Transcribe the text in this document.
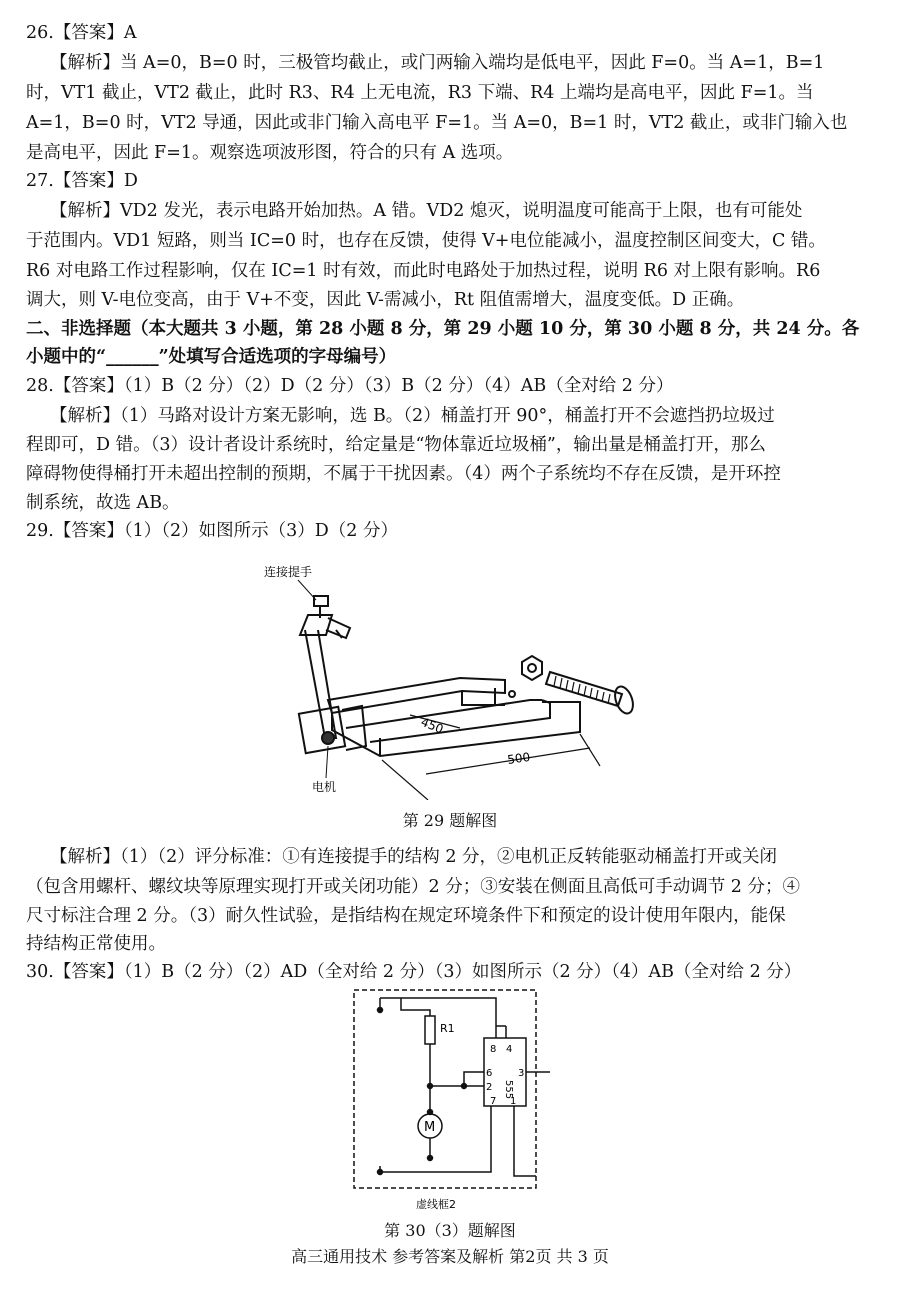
26.【答案】A
【解析】当 A=0，B=0 时，三极管均截止，或门两输入端均是低电平，因此 F=0。当 A=1，B=1
时，VT1 截止，VT2 截止，此时 R3、R4 上无电流，R3 下端、R4 上端均是高电平，因此 F=1。当
A=1，B=0 时，VT2 导通，因此或非门输入高电平 F=1。当 A=0，B=1 时，VT2 截止，或非门输入也
是高电平，因此 F=1。观察选项波形图，符合的只有 A 选项。
27.【答案】D
【解析】VD2 发光，表示电路开始加热。A 错。VD2 熄灭，说明温度可能高于上限，也有可能处
于范围内。VD1 短路，则当 IC=0 时，也存在反馈，使得 V+电位能减小，温度控制区间变大，C 错。
R6 对电路工作过程影响，仅在 IC=1 时有效，而此时电路处于加热过程，说明 R6 对上限有影响。R6
调大，则 V-电位变高，由于 V+不变，因此 V-需减小，Rt 阻值需增大，温度变低。D 正确。
二、非选择题（本大题共 3 小题，第 28 小题 8 分，第 29 小题 10 分，第 30 小题 8 分，共 24 分。各
小题中的“______”处填写合适选项的字母编号）
28.【答案】（1）B（2 分）（2）D（2 分）（3）B（2 分）（4）AB（全对给 2 分）
【解析】（1）马路对设计方案无影响，选 B。（2）桶盖打开 90°，桶盖打开不会遮挡扔垃圾过
程即可，D 错。（3）设计者设计系统时，给定量是“物体靠近垃圾桶”，输出量是桶盖打开，那么
障碍物使得桶打开未超出控制的预期，不属于干扰因素。（4）两个子系统均不存在反馈，是开环控
制系统，故选 AB。
29.【答案】（1）（2）如图所示（3）D（2 分）
450
500
连接提手
电机
第 29 题解图
【解析】（1）（2）评分标准：①有连接提手的结构 2 分，②电机正反转能驱动桶盖打开或关闭
（包含用螺杆、螺纹块等原理实现打开或关闭功能）2 分；③安装在侧面且高低可手动调节 2 分；④
尺寸标注合理 2 分。（3）耐久性试验，是指结构在规定环境条件下和预定的设计使用年限内，能保
持结构正常使用。
30.【答案】（1）B（2 分）（2）AD（全对给 2 分）（3）如图所示（2 分）（4）AB（全对给 2 分）
R1
8 4
6
2
3
7 1
555
M
虚线框2
第 30（3）题解图
高三通用技术 参考答案及解析 第2页 共 3 页
